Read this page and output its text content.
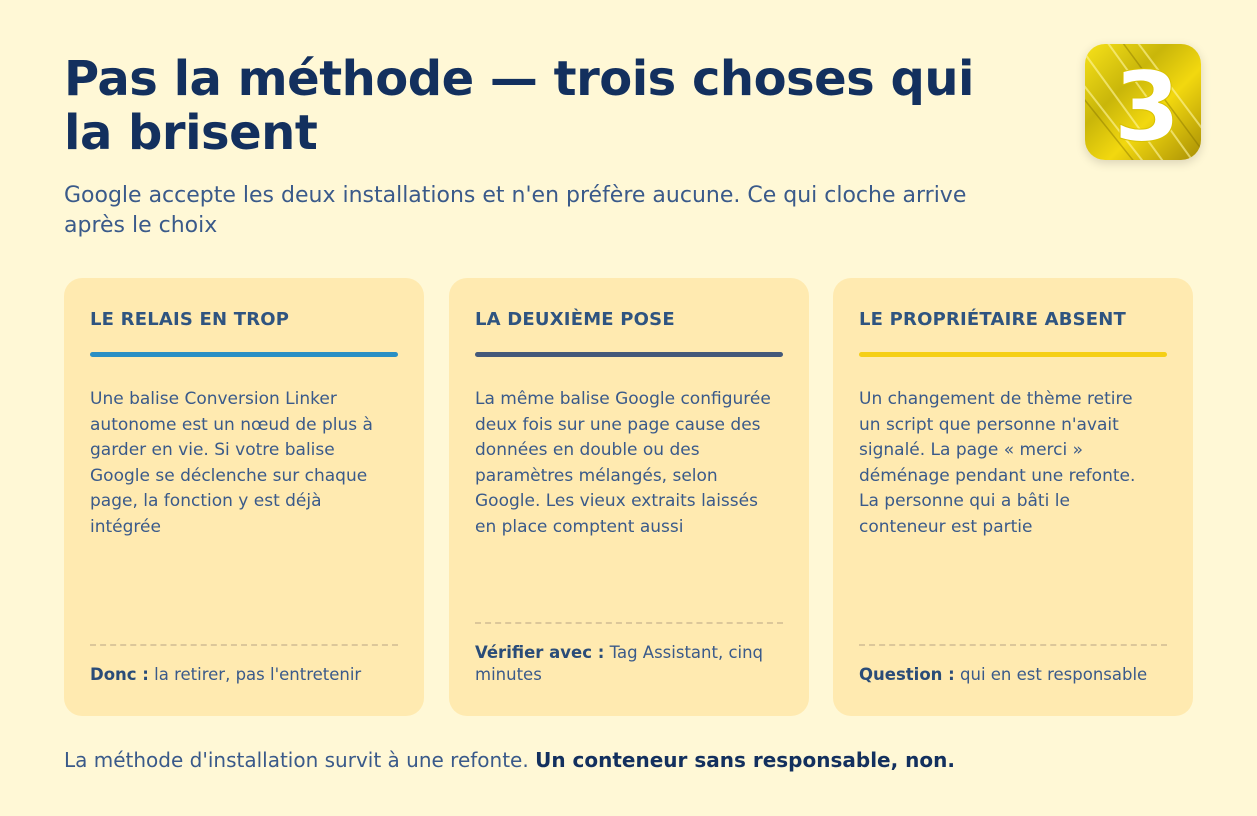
Pas la méthode — trois choses qui la brisent

Google accepte les deux installations et n'en préfère aucune. Ce qui cloche arrive après le choix

3
LE RELAIS EN TROP
Une balise Conversion Linker autonome est un nœud de plus à garder en vie. Si votre balise Google se déclenche sur chaque page, la fonction y est déjà intégrée
Donc : la retirer, pas l'entretenir
LA DEUXIÈME POSE
La même balise Google configurée deux fois sur une page cause des données en double ou des paramètres mélangés, selon Google. Les vieux extraits laissés en place comptent aussi
Vérifier avec : Tag Assistant, cinq minutes
LE PROPRIÉTAIRE ABSENT
Un changement de thème retire un script que personne n'avait signalé. La page « merci » déménage pendant une refonte. La personne qui a bâti le conteneur est partie
Question : qui en est responsable
La méthode d'installation survit à une refonte. Un conteneur sans responsable, non.
